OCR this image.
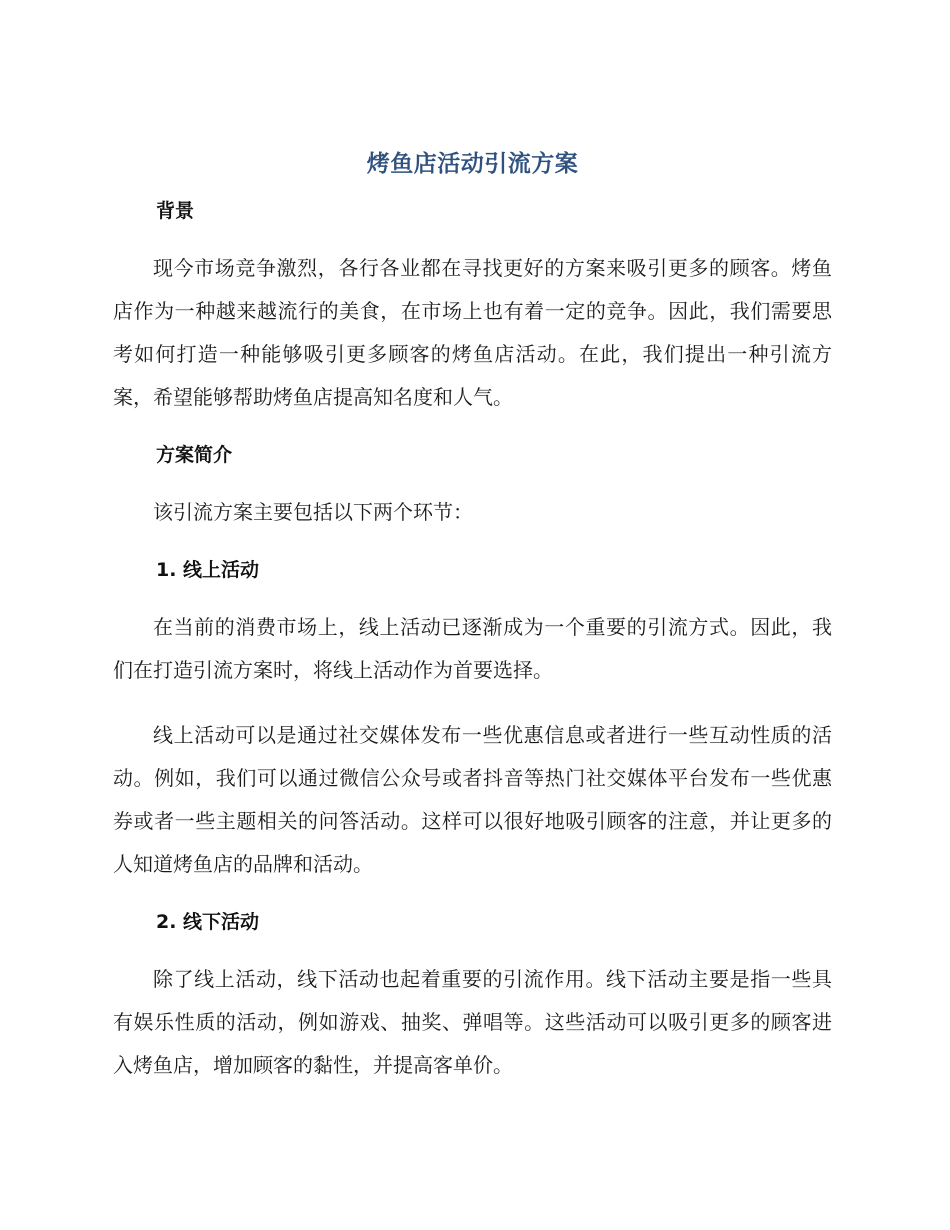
烤鱼店活动引流方案
背景

现今市场竞争激烈，各行各业都在寻找更好的方案来吸引更多的顾客。烤鱼店作为一种越来越流行的美食，在市场上也有着一定的竞争。因此，我们需要思考如何打造一种能够吸引更多顾客的烤鱼店活动。在此，我们提出一种引流方案，希望能够帮助烤鱼店提高知名度和人气。

方案简介

该引流方案主要包括以下两个环节：

1. 线上活动

在当前的消费市场上，线上活动已逐渐成为一个重要的引流方式。因此，我们在打造引流方案时，将线上活动作为首要选择。

线上活动可以是通过社交媒体发布一些优惠信息或者进行一些互动性质的活动。例如，我们可以通过微信公众号或者抖音等热门社交媒体平台发布一些优惠券或者一些主题相关的问答活动。这样可以很好地吸引顾客的注意，并让更多的人知道烤鱼店的品牌和活动。

2. 线下活动

除了线上活动，线下活动也起着重要的引流作用。线下活动主要是指一些具有娱乐性质的活动，例如游戏、抽奖、弹唱等。这些活动可以吸引更多的顾客进入烤鱼店，增加顾客的黏性，并提高客单价。
